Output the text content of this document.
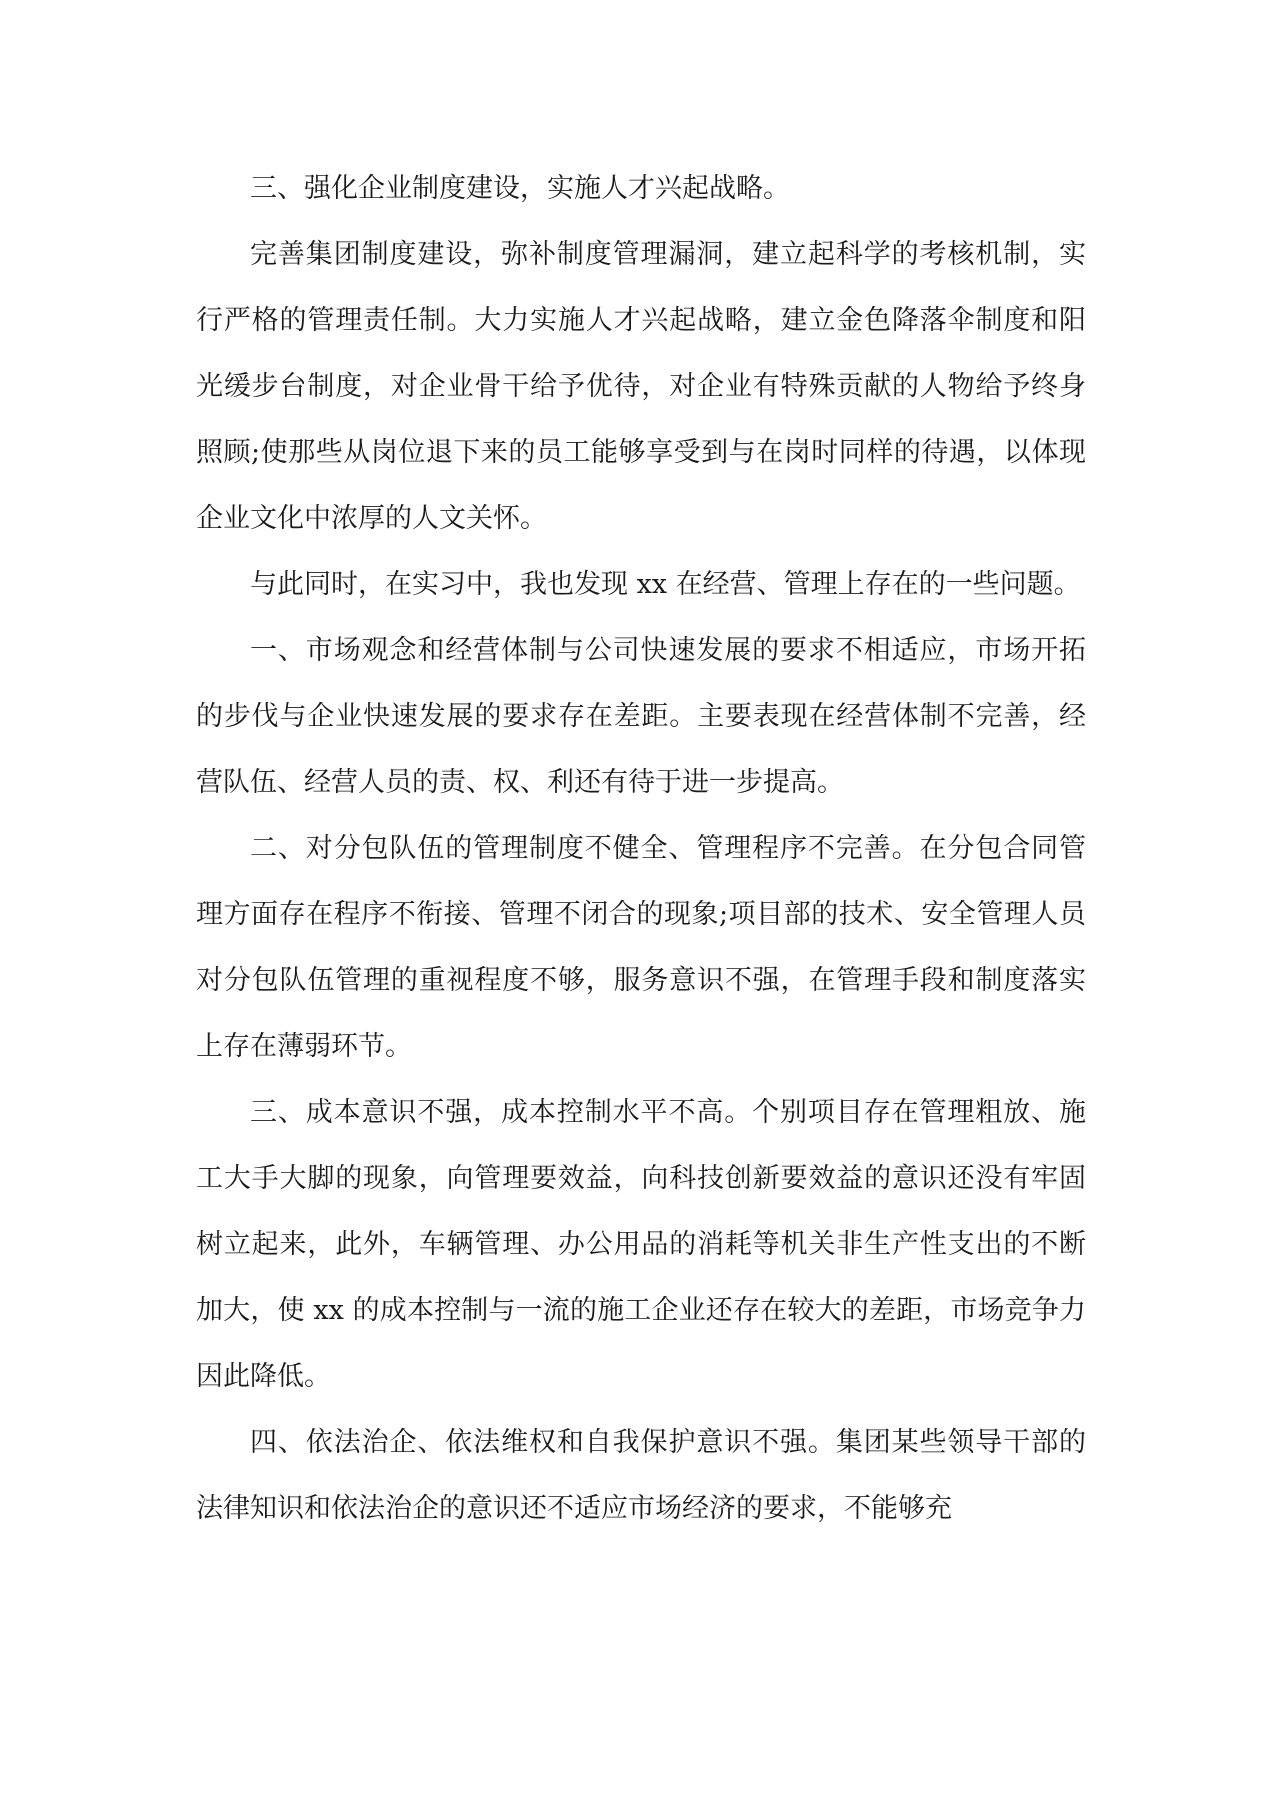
三、强化企业制度建设，实施人才兴起战略。

完善集团制度建设，弥补制度管理漏洞，建立起科学的考核机制，实行严格的管理责任制。大力实施人才兴起战略，建立金色降落伞制度和阳光缓步台制度，对企业骨干给予优待，对企业有特殊贡献的人物给予终身照顾;使那些从岗位退下来的员工能够享受到与在岗时同样的待遇，以体现企业文化中浓厚的人文关怀。

与此同时，在实习中，我也发现 xx 在经营、管理上存在的一些问题。

一、市场观念和经营体制与公司快速发展的要求不相适应，市场开拓的步伐与企业快速发展的要求存在差距。主要表现在经营体制不完善，经营队伍、经营人员的责、权、利还有待于进一步提高。

二、对分包队伍的管理制度不健全、管理程序不完善。在分包合同管理方面存在程序不衔接、管理不闭合的现象;项目部的技术、安全管理人员对分包队伍管理的重视程度不够，服务意识不强，在管理手段和制度落实上存在薄弱环节。

三、成本意识不强，成本控制水平不高。个别项目存在管理粗放、施工大手大脚的现象，向管理要效益，向科技创新要效益的意识还没有牢固树立起来，此外，车辆管理、办公用品的消耗等机关非生产性支出的不断加大，使 xx 的成本控制与一流的施工企业还存在较大的差距，市场竞争力因此降低。

四、依法治企、依法维权和自我保护意识不强。集团某些领导干部的法律知识和依法治企的意识还不适应市场经济的要求，不能够充
